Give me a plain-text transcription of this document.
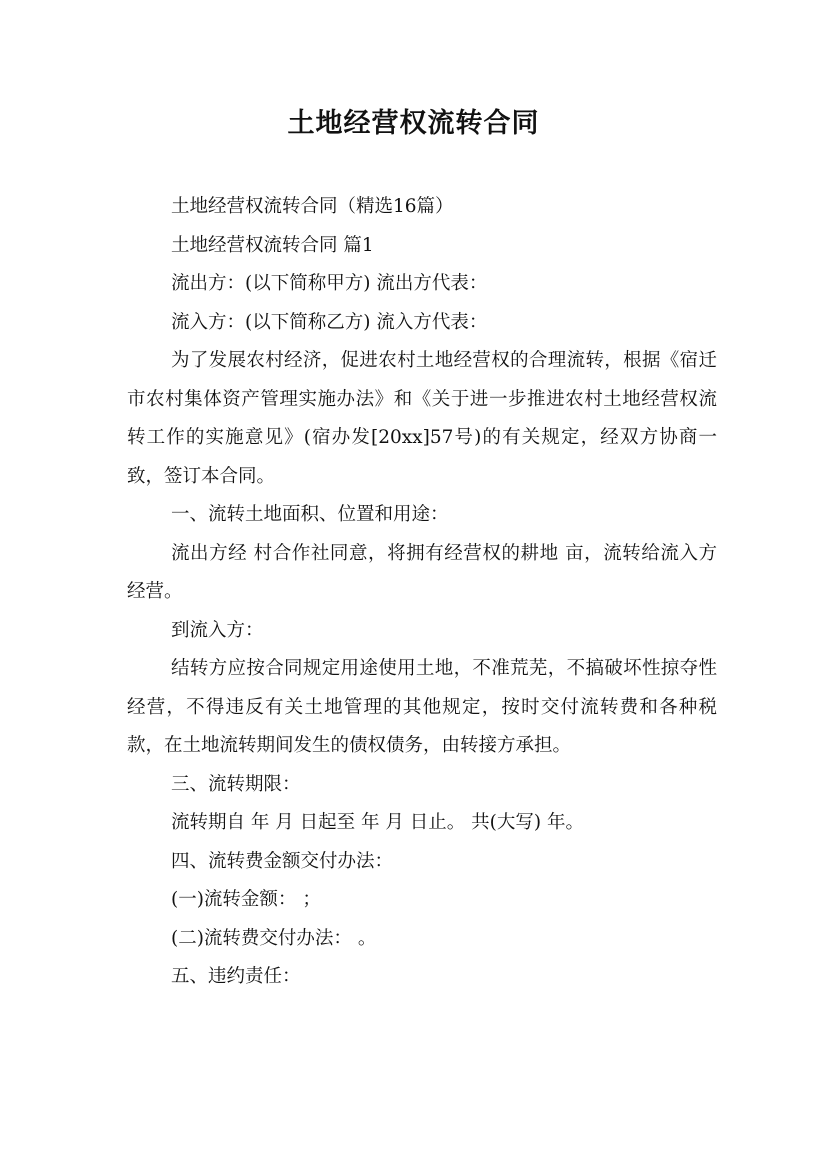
土地经营权流转合同

土地经营权流转合同（精选16篇）

土地经营权流转合同 篇1

流出方：(以下简称甲方) 流出方代表：

流入方：(以下简称乙方) 流入方代表：

为了发展农村经济，促进农村土地经营权的合理流转，根据《宿迁市农村集体资产管理实施办法》和《关于进一步推进农村土地经营权流转工作的实施意见》(宿办发[20xx]57号)的有关规定，经双方协商一致，签订本合同。

一、流转土地面积、位置和用途：

流出方经 村合作社同意，将拥有经营权的耕地 亩，流转给流入方经营。

到流入方：

结转方应按合同规定用途使用土地，不准荒芜，不搞破坏性掠夺性经营，不得违反有关土地管理的其他规定，按时交付流转费和各种税款，在土地流转期间发生的债权债务，由转接方承担。

三、流转期限：

流转期自 年 月 日起至 年 月 日止。 共(大写) 年。

四、流转费金额交付办法：

(一)流转金额： ；

(二)流转费交付办法： 。

五、违约责任：
